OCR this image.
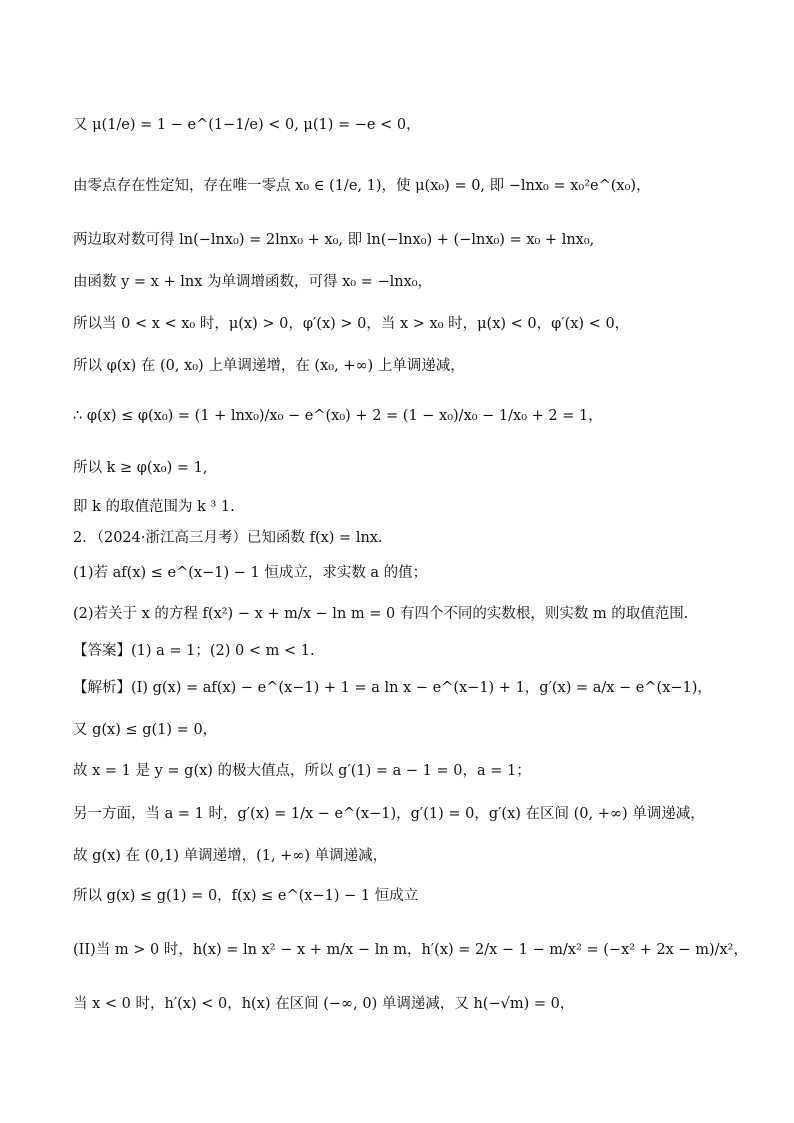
又 μ(1/e) = 1 − e^(1−1/e) < 0, μ(1) = −e < 0，
由零点存在性定知，存在唯一零点 x₀ ∈ (1/e, 1)，使 μ(x₀) = 0, 即 −lnx₀ = x₀²e^(x₀)，
两边取对数可得 ln(−lnx₀) = 2lnx₀ + x₀, 即 ln(−lnx₀) + (−lnx₀) = x₀ + lnx₀,
由函数 y = x + lnx 为单调增函数，可得 x₀ = −lnx₀，
所以当 0 < x < x₀ 时，μ(x) > 0，φ′(x) > 0，当 x > x₀ 时，μ(x) < 0，φ′(x) < 0，
所以 φ(x) 在 (0, x₀) 上单调递增，在 (x₀, +∞) 上单调递减，
∴ φ(x) ≤ φ(x₀) = (1 + lnx₀)/x₀ − e^(x₀) + 2 = (1 − x₀)/x₀ − 1/x₀ + 2 = 1，
所以 k ≥ φ(x₀) = 1,
即 k 的取值范围为 k ³ 1.
2．（2024·浙江高三月考）已知函数 f(x) = lnx.
(1)若 af(x) ≤ e^(x−1) − 1 恒成立，求实数 a 的值；
(2)若关于 x 的方程 f(x²) − x + m/x − ln m = 0 有四个不同的实数根，则实数 m 的取值范围.
【答案】(1) a = 1；(2) 0 < m < 1.
【解析】(I) g(x) = af(x) − e^(x−1) + 1 = a ln x − e^(x−1) + 1，g′(x) = a/x − e^(x−1)，
又 g(x) ≤ g(1) = 0，
故 x = 1 是 y = g(x) 的极大值点，所以 g′(1) = a − 1 = 0，a = 1；
另一方面，当 a = 1 时，g′(x) = 1/x − e^(x−1)，g′(1) = 0，g′(x) 在区间 (0, +∞) 单调递减，
故 g(x) 在 (0,1) 单调递增，(1, +∞) 单调递减，
所以 g(x) ≤ g(1) = 0，f(x) ≤ e^(x−1) − 1 恒成立
(II)当 m > 0 时，h(x) = ln x² − x + m/x − ln m，h′(x) = 2/x − 1 − m/x² = (−x² + 2x − m)/x²，
当 x < 0 时，h′(x) < 0，h(x) 在区间 (−∞, 0) 单调递减，又 h(−√m) = 0，
